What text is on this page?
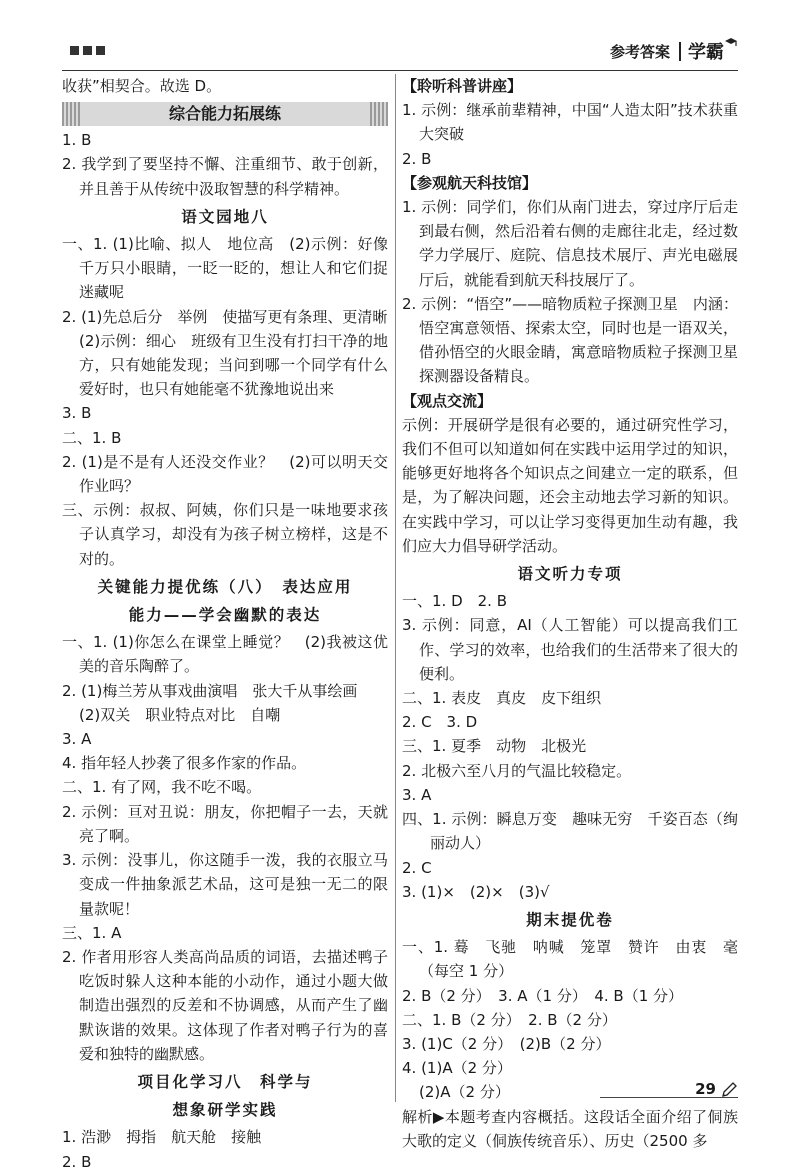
参考答案 学霸
收获”相契合。故选 D。
综合能力拓展练
1. B
2. 我学到了要坚持不懈、注重细节、敢于创新，并且善于从传统中汲取智慧的科学精神。
语文园地八
一、1. (1)比喻、拟人　地位高　(2)示例：好像千万只小眼睛，一眨一眨的，想让人和它们捉迷藏呢
2. (1)先总后分　举例　使描写更有条理、更清晰
(2)示例：细心　班级有卫生没有打扫干净的地方，只有她能发现；当问到哪一个同学有什么爱好时，也只有她能毫不犹豫地说出来
3. B
二、1. B
2. (1)是不是有人还没交作业？　(2)可以明天交作业吗？
三、示例：叔叔、阿姨，你们只是一味地要求孩子认真学习，却没有为孩子树立榜样，这是不对的。
关键能力提优练（八）　表达应用
能力——学会幽默的表达
一、1. (1)你怎么在课堂上睡觉？　(2)我被这优美的音乐陶醉了。
2. (1)梅兰芳从事戏曲演唱　张大千从事绘画
(2)双关　职业特点对比　自嘲
3. A
4. 指年轻人抄袭了很多作家的作品。
二、1. 有了网，我不吃不喝。
2. 示例：亘对丑说：朋友，你把帽子一去，天就亮了啊。
3. 示例：没事儿，你这随手一泼，我的衣服立马变成一件抽象派艺术品，这可是独一无二的限量款呢！
三、1. A
2. 作者用形容人类高尚品质的词语，去描述鸭子吃饭时躲人这种本能的小动作，通过小题大做制造出强烈的反差和不协调感，从而产生了幽默诙谐的效果。这体现了作者对鸭子行为的喜爱和独特的幽默感。
项目化学习八　科学与
想象研学实践
1. 浩渺　拇指　航天舱　接触
2. B
【聆听科普讲座】
1. 示例：继承前辈精神，中国“人造太阳”技术获重大突破
2. B
【参观航天科技馆】
1. 示例：同学们，你们从南门进去，穿过序厅后走到最右侧，然后沿着右侧的走廊往北走，经过数学力学展厅、庭院、信息技术展厅、声光电磁展厅后，就能看到航天科技展厅了。
2. 示例：“悟空”——暗物质粒子探测卫星　内涵：悟空寓意领悟、探索太空，同时也是一语双关，借孙悟空的火眼金睛，寓意暗物质粒子探测卫星探测器设备精良。
【观点交流】
示例：开展研学是很有必要的，通过研究性学习，我们不但可以知道如何在实践中运用学过的知识，能够更好地将各个知识点之间建立一定的联系，但是，为了解决问题，还会主动地去学习新的知识。在实践中学习，可以让学习变得更加生动有趣，我们应大力倡导研学活动。
语文听力专项
一、1. D　2. B
3. 示例：同意，AI（人工智能）可以提高我们工作、学习的效率，也给我们的生活带来了很大的便利。
二、1. 表皮　真皮　皮下组织
2. C　3. D
三、1. 夏季　动物　北极光
2. 北极六至八月的气温比较稳定。
3. A
四、1. 示例：瞬息万变　趣味无穷　千姿百态（绚丽动人）
2. C
3. (1)×　(2)×　(3)√
期末提优卷
一、1. 蓦　飞驰　呐喊　笼罩　赞许　由衷　毫（每空 1 分）
2. B（2 分）　3. A（1 分）　4. B（1 分）
二、1. B（2 分）　2. B（2 分）
3. (1)C（2 分）　(2)B（2 分）
4. (1)A（2 分）
(2)A（2 分）
解析▶本题考查内容概括。这段话全面介绍了侗族大歌的定义（侗族传统音乐）、历史（2500 多
29
